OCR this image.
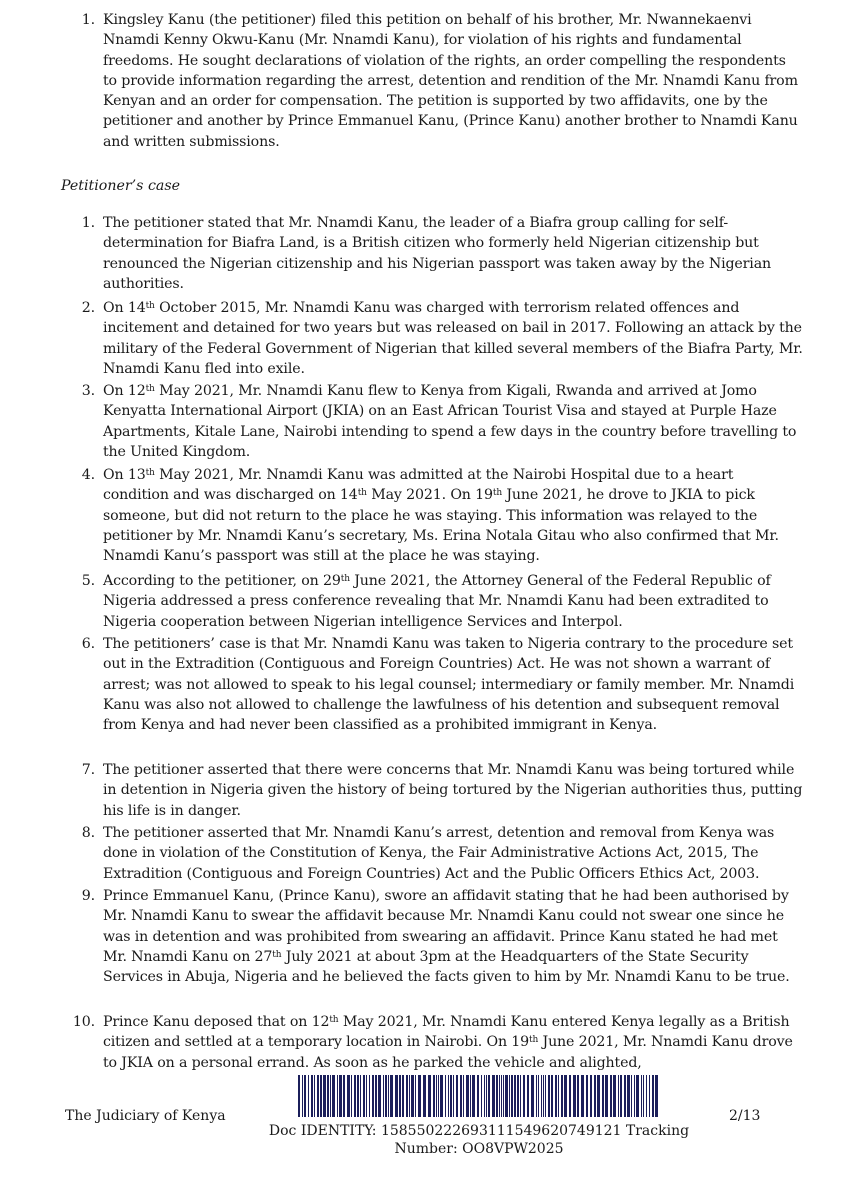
1. Kingsley Kanu (the petitioner) filed this petition on behalf of his brother, Mr. Nwannekaenvi Nnamdi Kenny Okwu-Kanu (Mr. Nnamdi Kanu), for violation of his rights and fundamental freedoms. He sought declarations of violation of the rights, an order compelling the respondents to provide information regarding the arrest, detention and rendition of the Mr. Nnamdi Kanu from Kenyan and an order for compensation. The petition is supported by two affidavits, one by the petitioner and another by Prince Emmanuel Kanu, (Prince Kanu) another brother to Nnamdi Kanu and written submissions.
Petitioner’s case
1. The petitioner stated that Mr. Nnamdi Kanu, the leader of a Biafra group calling for self-determination for Biafra Land, is a British citizen who formerly held Nigerian citizenship but renounced the Nigerian citizenship and his Nigerian passport was taken away by the Nigerian authorities.
2. On 14th October 2015, Mr. Nnamdi Kanu was charged with terrorism related offences and incitement and detained for two years but was released on bail in 2017. Following an attack by the military of the Federal Government of Nigerian that killed several members of the Biafra Party, Mr. Nnamdi Kanu fled into exile.
3. On 12th May 2021, Mr. Nnamdi Kanu flew to Kenya from Kigali, Rwanda and arrived at Jomo Kenyatta International Airport (JKIA) on an East African Tourist Visa and stayed at Purple Haze Apartments, Kitale Lane, Nairobi intending to spend a few days in the country before travelling to the United Kingdom.
4. On 13th May 2021, Mr. Nnamdi Kanu was admitted at the Nairobi Hospital due to a heart condition and was discharged on 14th May 2021. On 19th June 2021, he drove to JKIA to pick someone, but did not return to the place he was staying. This information was relayed to the petitioner by Mr. Nnamdi Kanu’s secretary, Ms. Erina Notala Gitau who also confirmed that Mr. Nnamdi Kanu’s passport was still at the place he was staying.
5. According to the petitioner, on 29th June 2021, the Attorney General of the Federal Republic of Nigeria addressed a press conference revealing that Mr. Nnamdi Kanu had been extradited to Nigeria cooperation between Nigerian intelligence Services and Interpol.
6. The petitioners’ case is that Mr. Nnamdi Kanu was taken to Nigeria contrary to the procedure set out in the Extradition (Contiguous and Foreign Countries) Act. He was not shown a warrant of arrest; was not allowed to speak to his legal counsel; intermediary or family member. Mr. Nnamdi Kanu was also not allowed to challenge the lawfulness of his detention and subsequent removal from Kenya and had never been classified as a prohibited immigrant in Kenya.
7. The petitioner asserted that there were concerns that Mr. Nnamdi Kanu was being tortured while in detention in Nigeria given the history of being tortured by the Nigerian authorities thus, putting his life is in danger.
8. The petitioner asserted that Mr. Nnamdi Kanu’s arrest, detention and removal from Kenya was done in violation of the Constitution of Kenya, the Fair Administrative Actions Act, 2015, The Extradition (Contiguous and Foreign Countries) Act and the Public Officers Ethics Act, 2003.
9. Prince Emmanuel Kanu, (Prince Kanu), swore an affidavit stating that he had been authorised by Mr. Nnamdi Kanu to swear the affidavit because Mr. Nnamdi Kanu could not swear one since he was in detention and was prohibited from swearing an affidavit. Prince Kanu stated he had met Mr. Nnamdi Kanu on 27th July 2021 at about 3pm at the Headquarters of the State Security Services in Abuja, Nigeria and he believed the facts given to him by Mr. Nnamdi Kanu to be true.
10. Prince Kanu deposed that on 12th May 2021, Mr. Nnamdi Kanu entered Kenya legally as a British citizen and settled at a temporary location in Nairobi. On 19th June 2021, Mr. Nnamdi Kanu drove to JKIA on a personal errand. As soon as he parked the vehicle and alighted,
The Judiciary of Kenya	2/13
Doc IDENTITY: 1585502226931115496207491​21 Tracking
Number: OO8VPW2025
